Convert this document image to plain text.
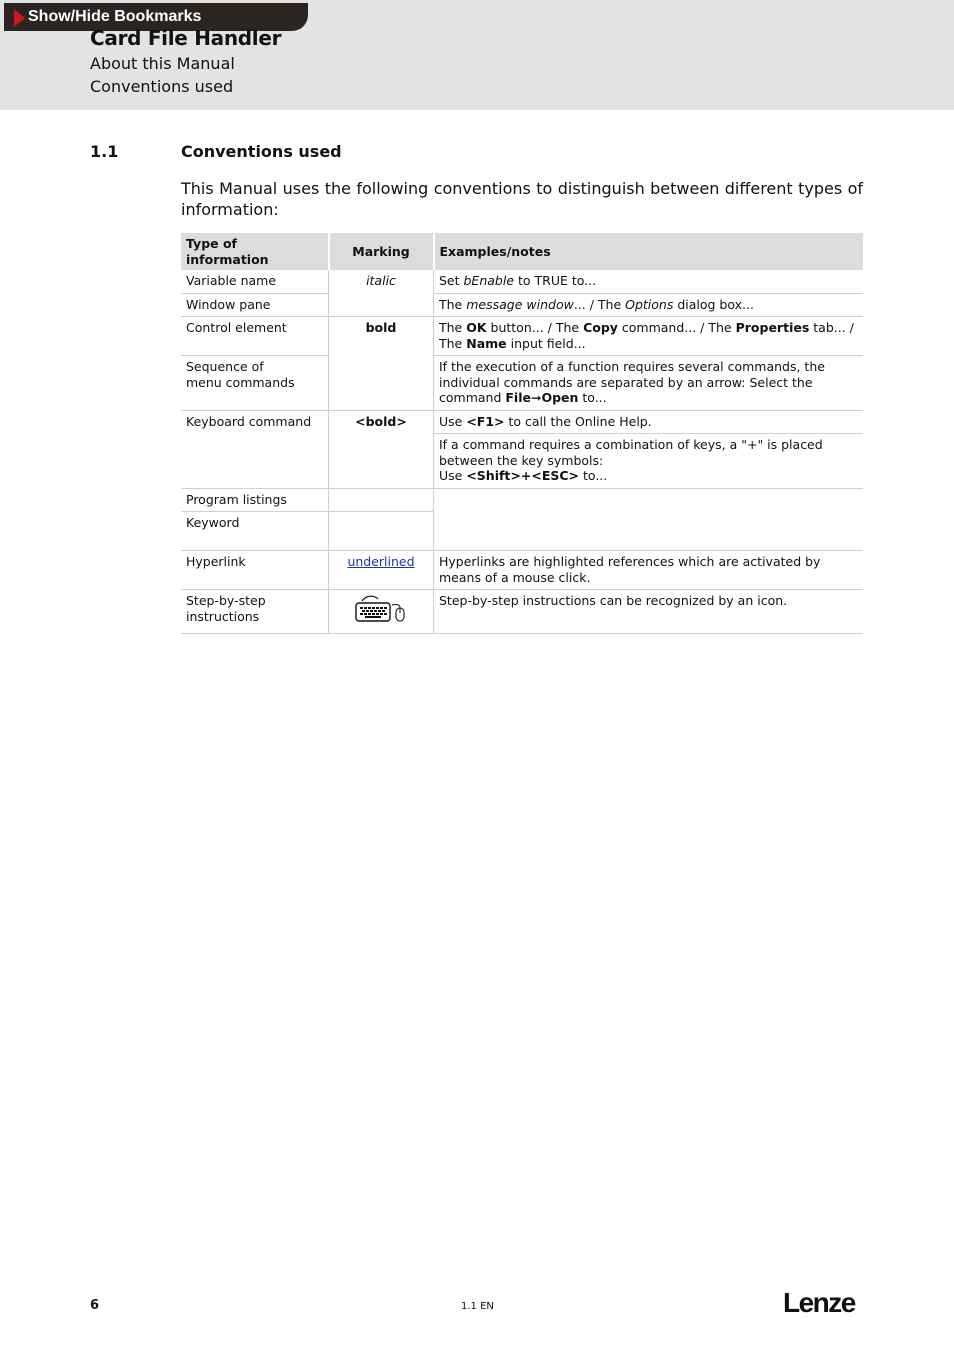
Show/Hide Bookmarks
Card File Handler
About this Manual
Conventions used
1.1	Conventions used
This Manual uses the following conventions to distinguish between different types of information:
Type of information	Marking	Examples/notes
Variable name	italic	Set bEnable to TRUE to...
Window pane		The message window... / The Options dialog box...
Control element	bold	The OK button... / The Copy command... / The Properties tab... / The Name input field...
Sequence of
menu commands		If the execution of a function requires several commands, the individual commands are separated by an arrow: Select the command File➞Open to...
Keyboard command	<bold>	Use <F1> to call the Online Help.
		If a command requires a combination of keys, a "+" is placed between the key symbols:
Use <Shift>+<ESC> to...
Program listings		
Keyword		
Hyperlink	underlined	Hyperlinks are highlighted references which are activated by means of a mouse click.
Step-by-step
instructions		Step-by-step instructions can be recognized by an icon.
6	1.1 EN	Lenze
